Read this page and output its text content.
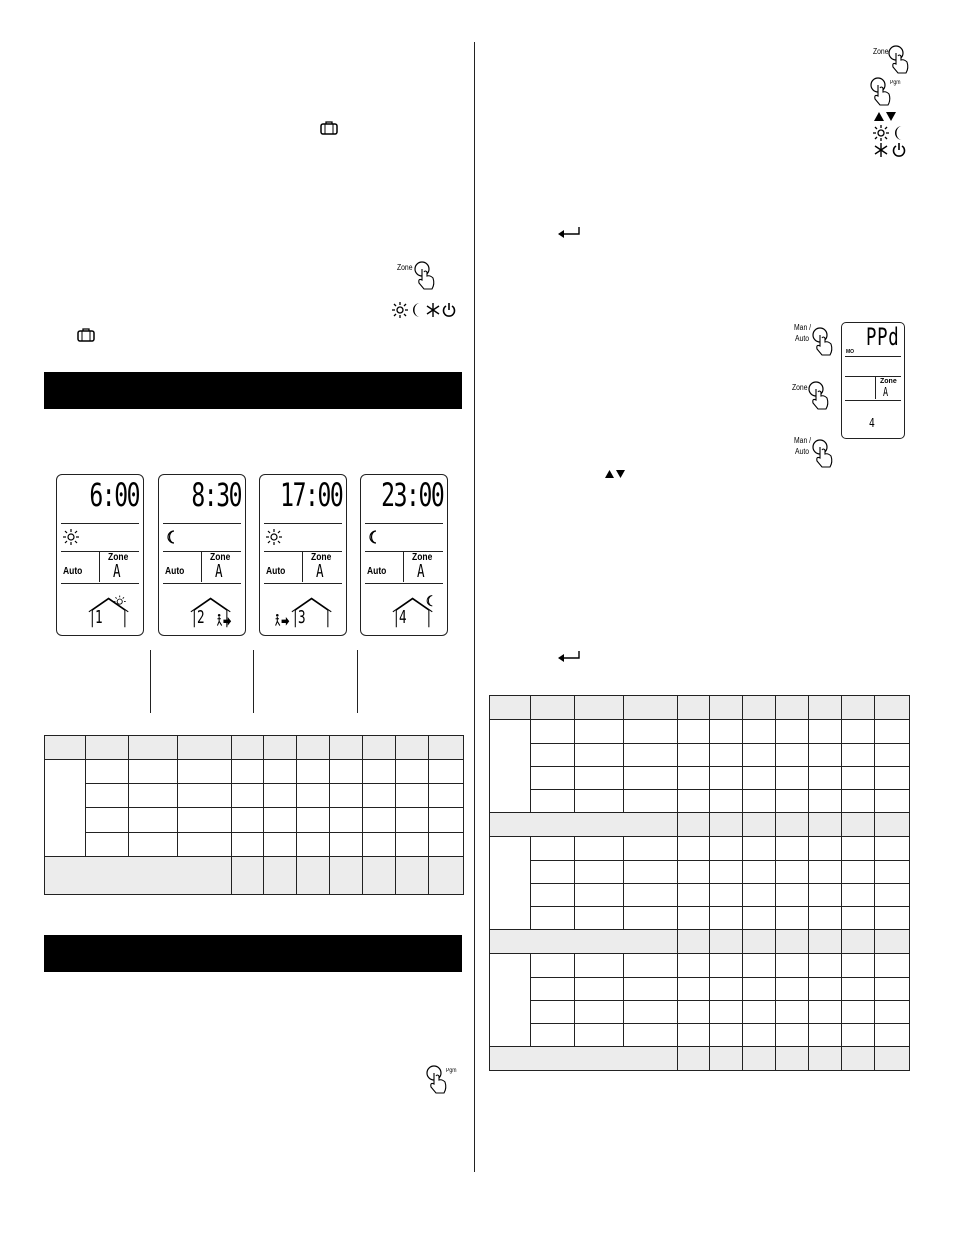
Zone
6:00
Auto
Zone
A
1
8:30
Auto
Zone
A
2
17:00
Auto
Zone
A
3
23:00
Auto
Zone
A
4

Pgm
Zone
Pgm
Man /
Auto
Zone
Man /
Auto
PPd
MO
Zone
A
4
